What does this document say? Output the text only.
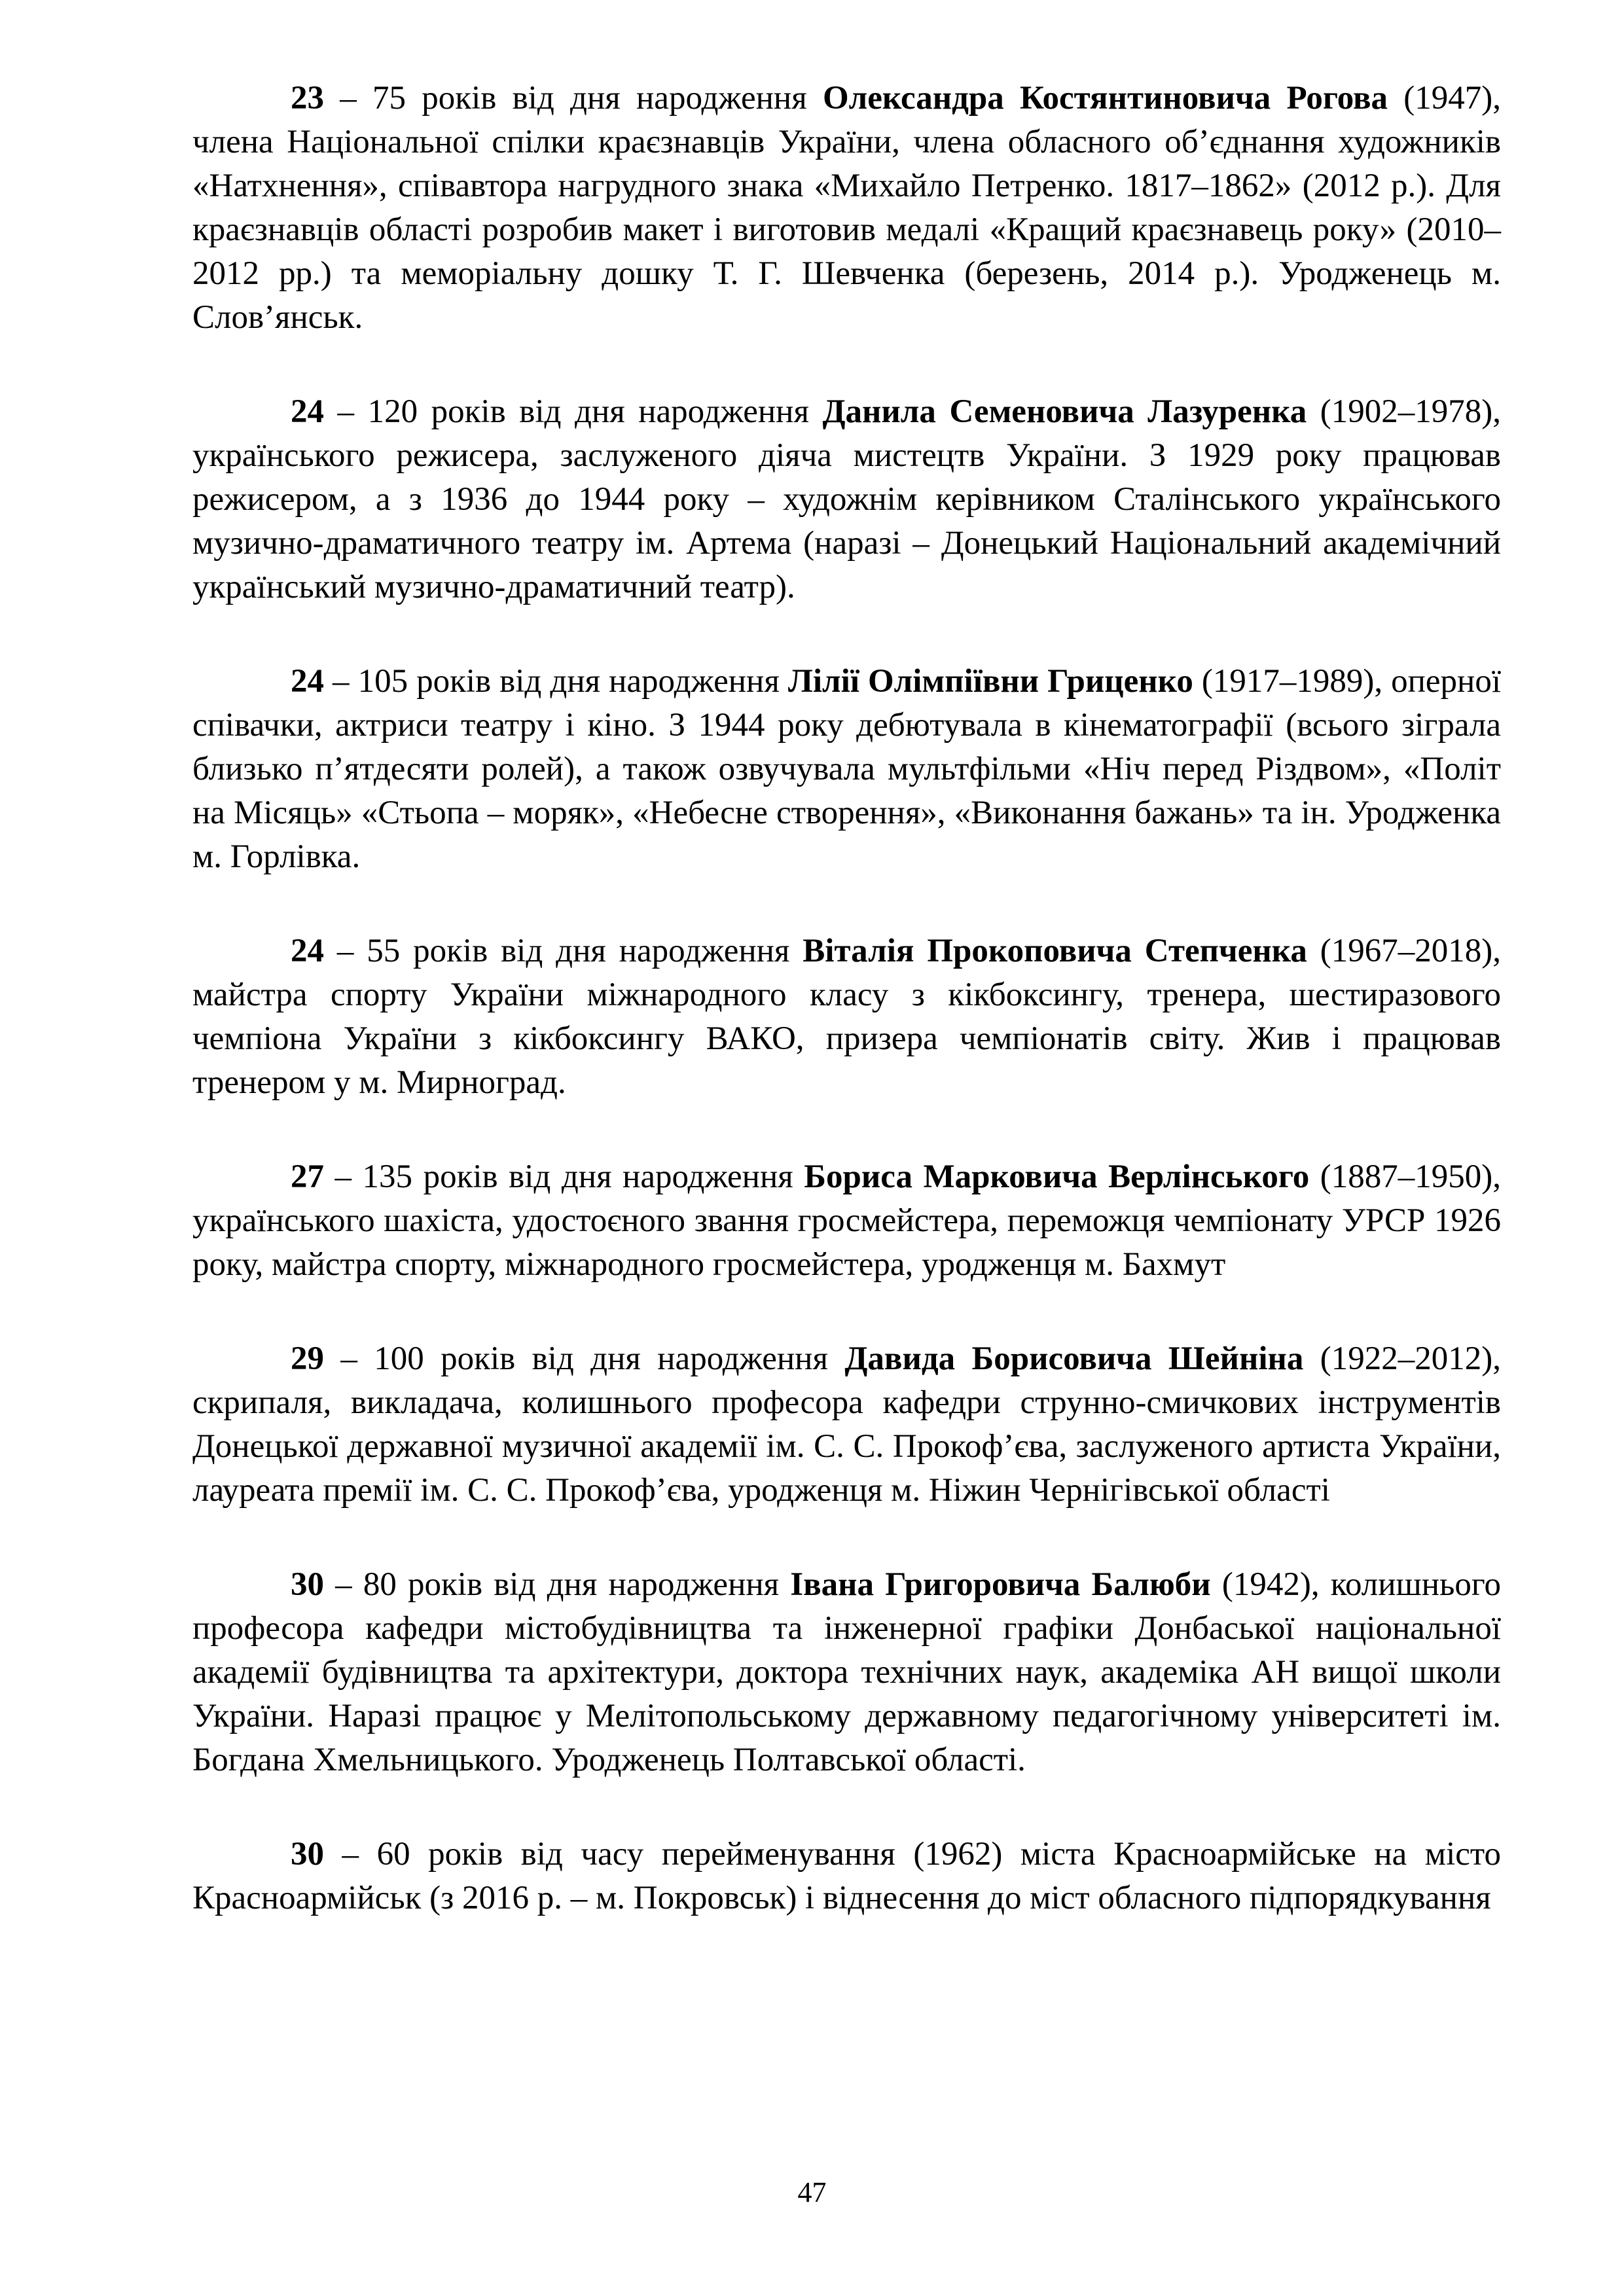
23 – 75 років від дня народження Олександра Костянтиновича Рогова (1947), члена Національної спілки краєзнавців України, члена обласного об’єднання художників «Натхнення», співавтора нагрудного знака «Михайло Петренко. 1817–1862» (2012 р.). Для краєзнавців області розробив макет і виготовив медалі «Кращий краєзнавець року» (2010–2012 рр.) та меморіальну дошку Т. Г. Шевченка (березень, 2014 р.). Уродженець м. Слов’янськ.

24 – 120 років від дня народження Данила Семеновича Лазуренка (1902–1978), українського режисера, заслуженого діяча мистецтв України. З 1929 року працював режисером, а з 1936 до 1944 року – художнім керівником Сталінського українського музично-драматичного театру ім. Артема (наразі – Донецький Національний академічний український музично-драматичний театр).

24 – 105 років від дня народження Лілії Олімпіївни Гриценко (1917–1989), оперної співачки, актриси театру і кіно. З 1944 року дебютувала в кінематографії (всього зіграла близько п’ятдесяти ролей), а також озвучувала мультфільми «Ніч перед Різдвом», «Політ на Місяць» «Стьопа – моряк», «Небесне створення», «Виконання бажань» та ін. Уродженка м. Горлівка.

24 – 55 років від дня народження Віталія Прокоповича Степченка (1967–2018), майстра спорту України міжнародного класу з кікбоксингу, тренера, шестиразового чемпіона України з кікбоксингу ВАКО, призера чемпіонатів світу. Жив і працював тренером у м. Мирноград.

27 – 135 років від дня народження Бориса Марковича Верлінського (1887–1950), українського шахіста, удостоєного звання гросмейстера, переможця чемпіонату УРСР 1926 року, майстра спорту, міжнародного гросмейстера, уродженця м. Бахмут

29 – 100 років від дня народження Давида Борисовича Шейніна (1922–2012), скрипаля, викладача, колишнього професора кафедри струнно-смичкових інструментів Донецької державної музичної академії ім. С. С. Прокоф’єва, заслуженого артиста України, лауреата премії ім. С. С. Прокоф’єва, уродженця м. Ніжин Чернігівської області

30 – 80 років від дня народження Івана Григоровича Балюби (1942), колишнього професора кафедри містобудівництва та інженерної графіки Донбаської національної академії будівництва та архітектури, доктора технічних наук, академіка АН вищої школи України. Наразі працює у Мелітопольському державному педагогічному університеті ім. Богдана Хмельницького. Уродженець Полтавської області.

30 – 60 років від часу перейменування (1962) міста Красноармійське на місто Красноармійськ (з 2016 р. – м. Покровськ) і віднесення до міст обласного підпорядкування

47
